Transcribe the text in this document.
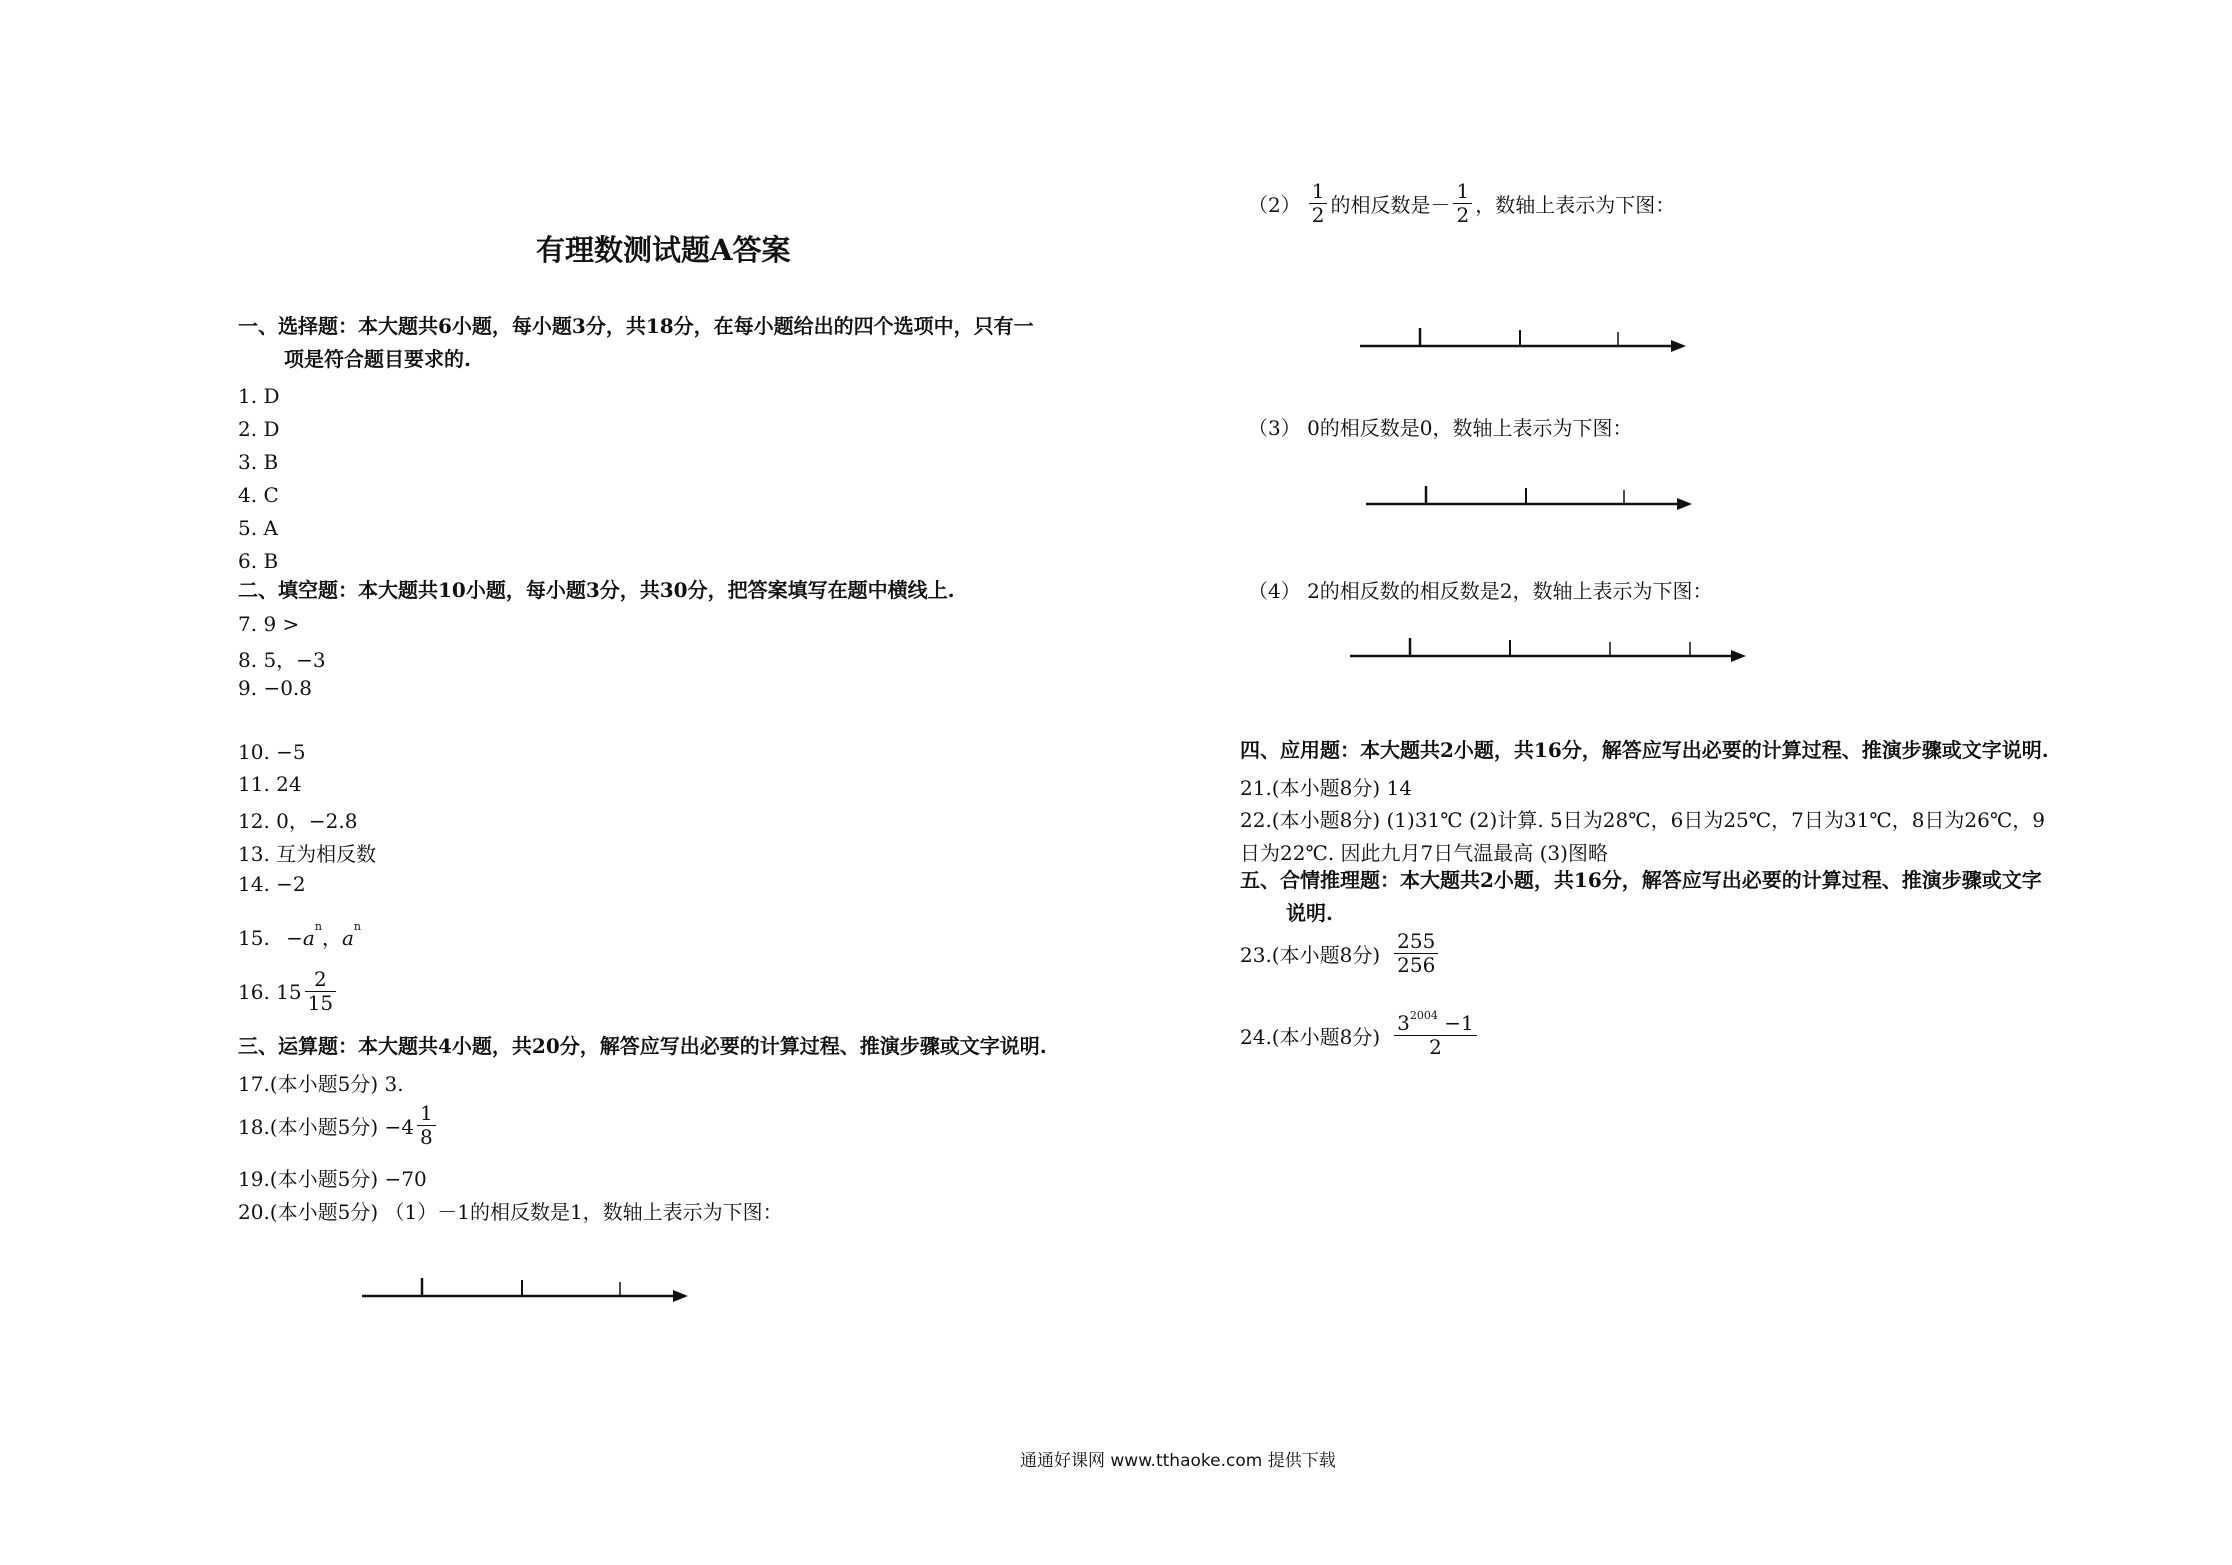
有理数测试题A答案
一、选择题：本大题共6小题，每小题3分，共18分，在每小题给出的四个选项中，只有一
项是符合题目要求的.
1. D
2. D
3. B
4. C
5. A
6. B
二、填空题：本大题共10小题，每小题3分，共30分，把答案填写在题中横线上.
7. 9 >
8. 5，−3
9. −0.8
10. −5
11. 24
12. 0，−2.8
13. 互为相反数
14. −2
15. $-a^n$，$a^n$
16. $15 \frac{2}{15}$
三、运算题：本大题共4小题，共20分，解答应写出必要的计算过程、推演步骤或文字说明.
17.(本小题5分) 3.
18.(本小题5分) $-4 \frac{1}{8}$
19.(本小题5分) −70
20.(本小题5分) （1）－1的相反数是1，数轴上表示为下图：
$(2) \frac{1}{2}$ 的相反数是－ $\frac{1}{2}$ ，数轴上表示为下图：
（3） 0的相反数是0，数轴上表示为下图：
（4） 2的相反数的相反数是2，数轴上表示为下图：
四、应用题：本大题共2小题，共16分，解答应写出必要的计算过程、推演步骤或文字说明.
21.(本小题8分) 14
22.(本小题8分) (1)31℃ (2)计算. 5日为28℃，6日为25℃，7日为31℃，8日为26℃，9
日为22℃. 因此九月7日气温最高 (3)图略
五、合情推理题：本大题共2小题，共16分，解答应写出必要的计算过程、推演步骤或文字
说明.
23.(本小题8分) $\frac{255}{256}$
24.(本小题8分) $\frac{3^{2004} -1}{2}$
通通好课网 www.tthaoke.com 提供下载
